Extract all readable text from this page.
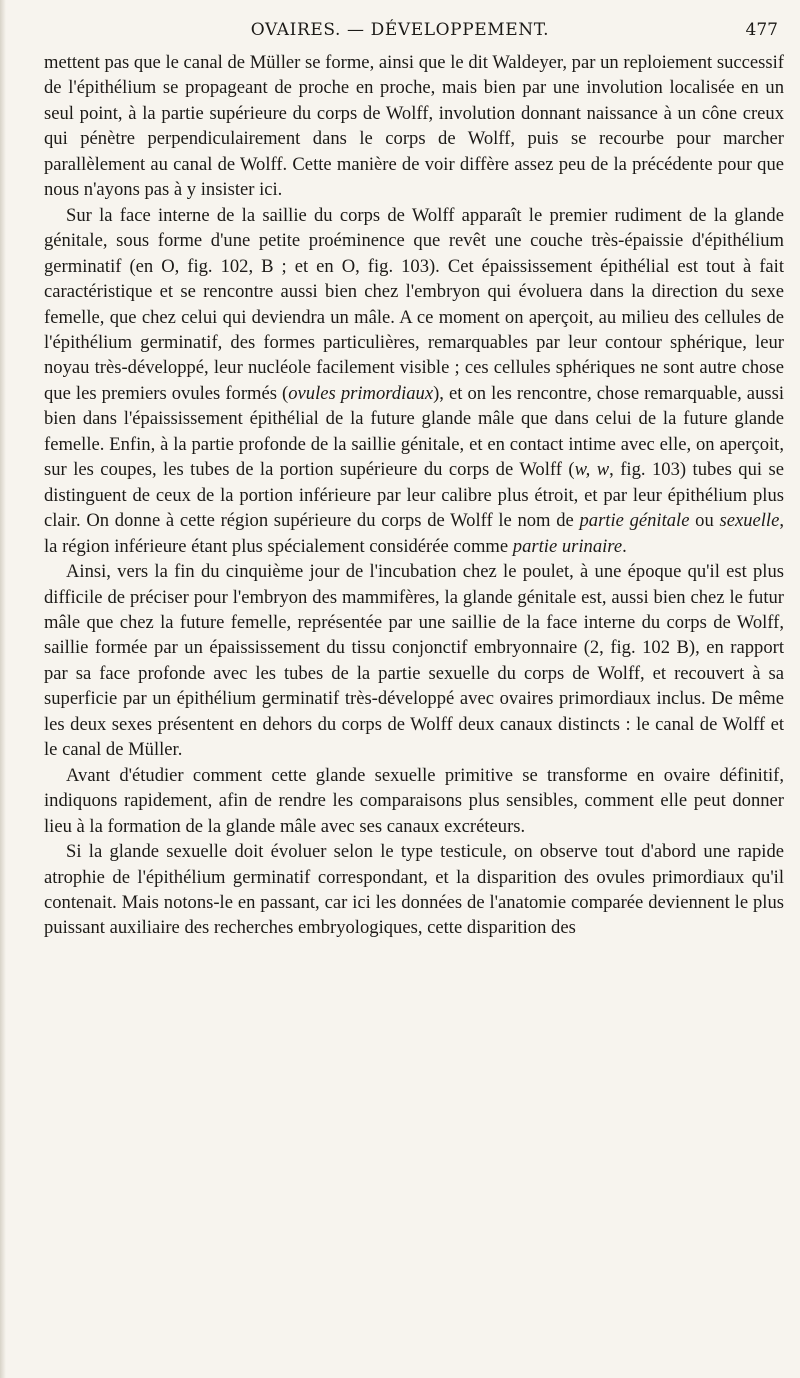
OVAIRES. — DÉVELOPPEMENT.	477

mettent pas que le canal de Müller se forme, ainsi que le dit Waldeyer, par un reploiement successif de l'épithélium se propageant de proche en proche, mais bien par une involution localisée en un seul point, à la partie supérieure du corps de Wolff, involution donnant naissance à un cône creux qui pénètre perpendiculairement dans le corps de Wolff, puis se recourbe pour marcher parallèlement au canal de Wolff. Cette manière de voir diffère assez peu de la précédente pour que nous n'ayons pas à y insister ici.

Sur la face interne de la saillie du corps de Wolff apparaît le premier rudiment de la glande génitale, sous forme d'une petite proéminence que revêt une couche très-épaissie d'épithélium germinatif (en O, fig. 102, B ; et en O, fig. 103). Cet épaississement épithélial est tout à fait caractéristique et se rencontre aussi bien chez l'embryon qui évoluera dans la direction du sexe femelle, que chez celui qui deviendra un mâle. A ce moment on aperçoit, au milieu des cellules de l'épithélium germinatif, des formes particulières, remarquables par leur contour sphérique, leur noyau très-développé, leur nucléole facilement visible ; ces cellules sphériques ne sont autre chose que les premiers ovules formés (ovules primordiaux), et on les rencontre, chose remarquable, aussi bien dans l'épaississement épithélial de la future glande mâle que dans celui de la future glande femelle. Enfin, à la partie profonde de la saillie génitale, et en contact intime avec elle, on aperçoit, sur les coupes, les tubes de la portion supérieure du corps de Wolff (w, w, fig. 103) tubes qui se distinguent de ceux de la portion inférieure par leur calibre plus étroit, et par leur épithélium plus clair. On donne à cette région supérieure du corps de Wolff le nom de partie génitale ou sexuelle, la région inférieure étant plus spécialement considérée comme partie urinaire.

Ainsi, vers la fin du cinquième jour de l'incubation chez le poulet, à une époque qu'il est plus difficile de préciser pour l'embryon des mammifères, la glande génitale est, aussi bien chez le futur mâle que chez la future femelle, représentée par une saillie de la face interne du corps de Wolff, saillie formée par un épaississement du tissu conjonctif embryonnaire (2, fig. 102 B), en rapport par sa face profonde avec les tubes de la partie sexuelle du corps de Wolff, et recouvert à sa superficie par un épithélium germinatif très-développé avec ovaires primordiaux inclus. De même les deux sexes présentent en dehors du corps de Wolff deux canaux distincts : le canal de Wolff et le canal de Müller.

Avant d'étudier comment cette glande sexuelle primitive se transforme en ovaire définitif, indiquons rapidement, afin de rendre les comparaisons plus sensibles, comment elle peut donner lieu à la formation de la glande mâle avec ses canaux excréteurs.

Si la glande sexuelle doit évoluer selon le type testicule, on observe tout d'abord une rapide atrophie de l'épithélium germinatif correspondant, et la disparition des ovules primordiaux qu'il contenait. Mais notons-le en passant, car ici les données de l'anatomie comparée deviennent le plus puissant auxiliaire des recherches embryologiques, cette disparition des
